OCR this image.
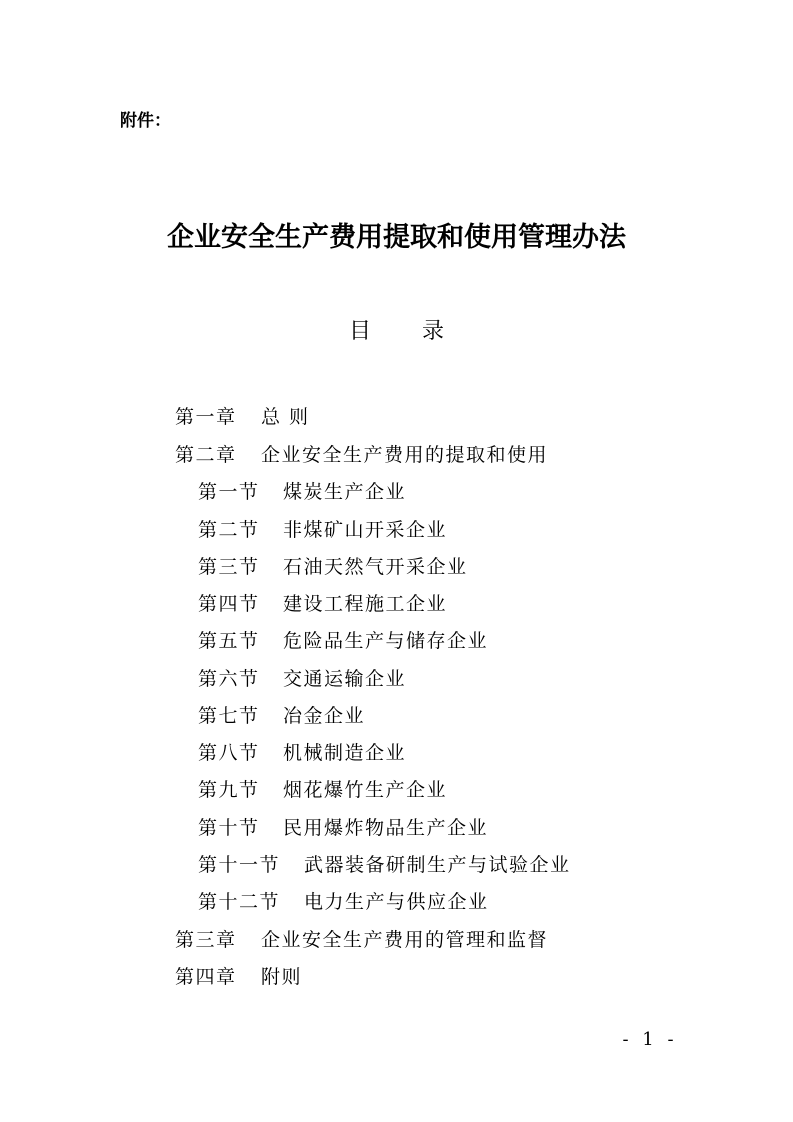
附件：
企业安全生产费用提取和使用管理办法
目 录
第一章 总 则
第二章 企业安全生产费用的提取和使用
第一节 煤炭生产企业
第二节 非煤矿山开采企业
第三节 石油天然气开采企业
第四节 建设工程施工企业
第五节 危险品生产与储存企业
第六节 交通运输企业
第七节 冶金企业
第八节 机械制造企业
第九节 烟花爆竹生产企业
第十节 民用爆炸物品生产企业
第十一节 武器装备研制生产与试验企业
第十二节 电力生产与供应企业
第三章 企业安全生产费用的管理和监督
第四章 附则
- 1 -
